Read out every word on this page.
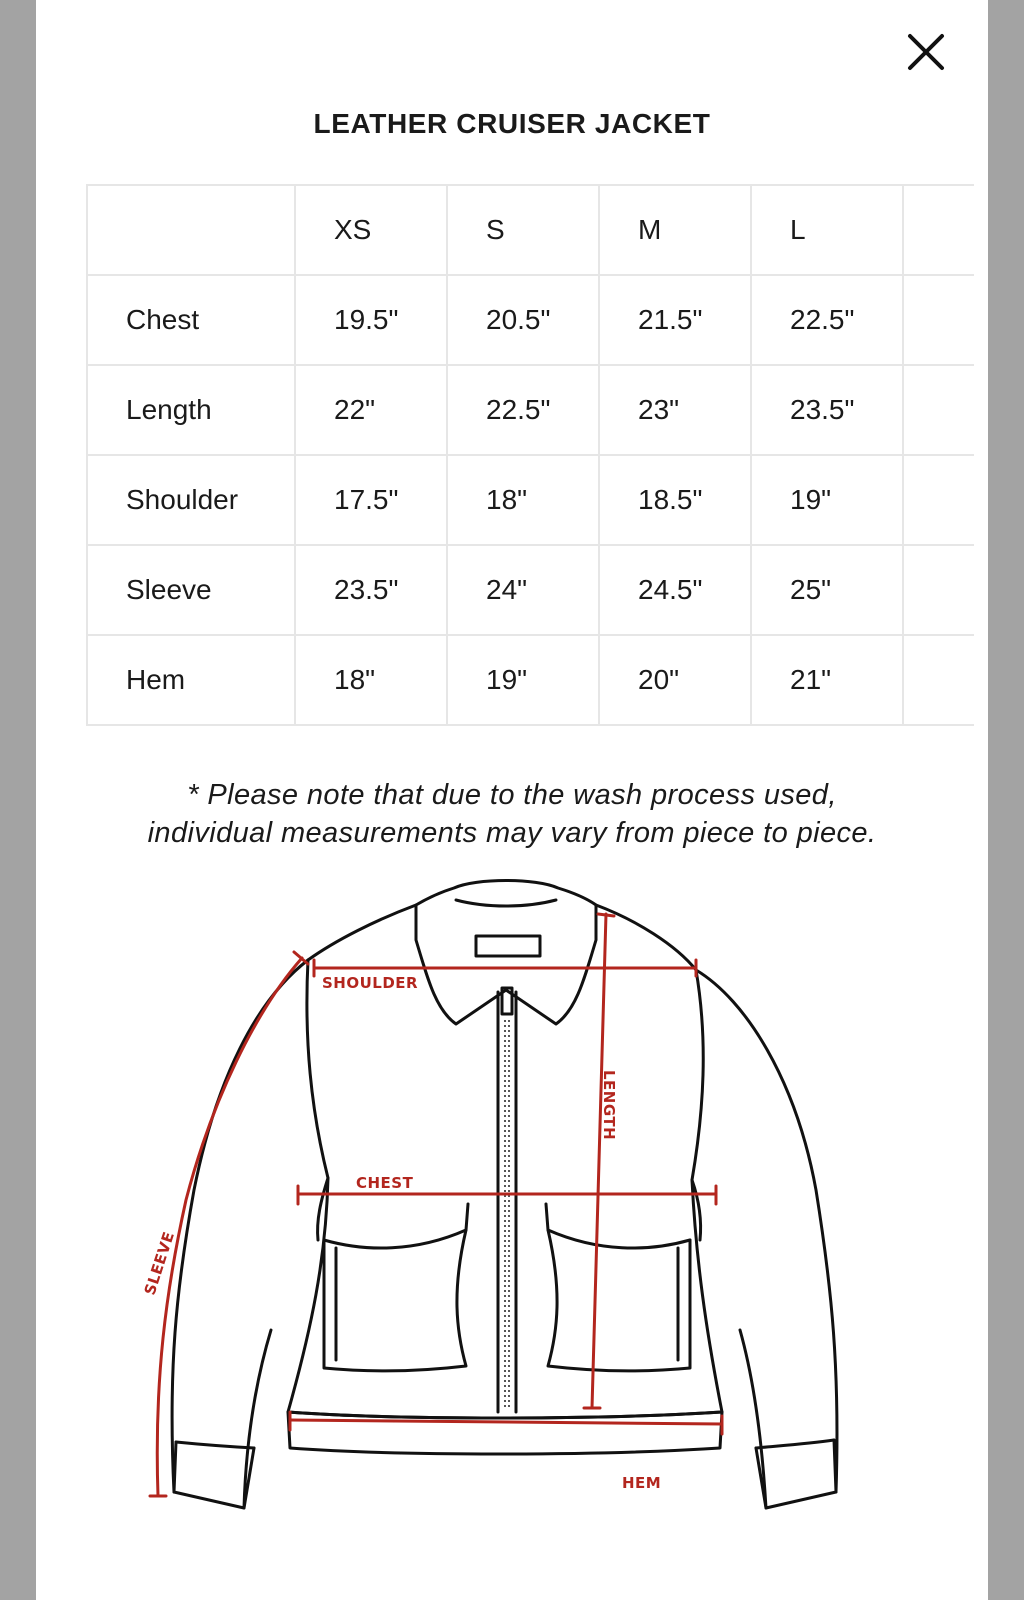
LEATHER CRUISER JACKET
	XS	S	M	L	
Chest	19.5"	20.5"	21.5"	22.5"	
Length	22"	22.5"	23"	23.5"	
Shoulder	17.5"	18"	18.5"	19"	
Sleeve	23.5"	24"	24.5"	25"	
Hem	18"	19"	20"	21"	

* Please note that due to the wash process used,

individual measurements may vary from piece to piece.

SHOULDER
CHEST
HEM
LENGTH
SLEEVE
